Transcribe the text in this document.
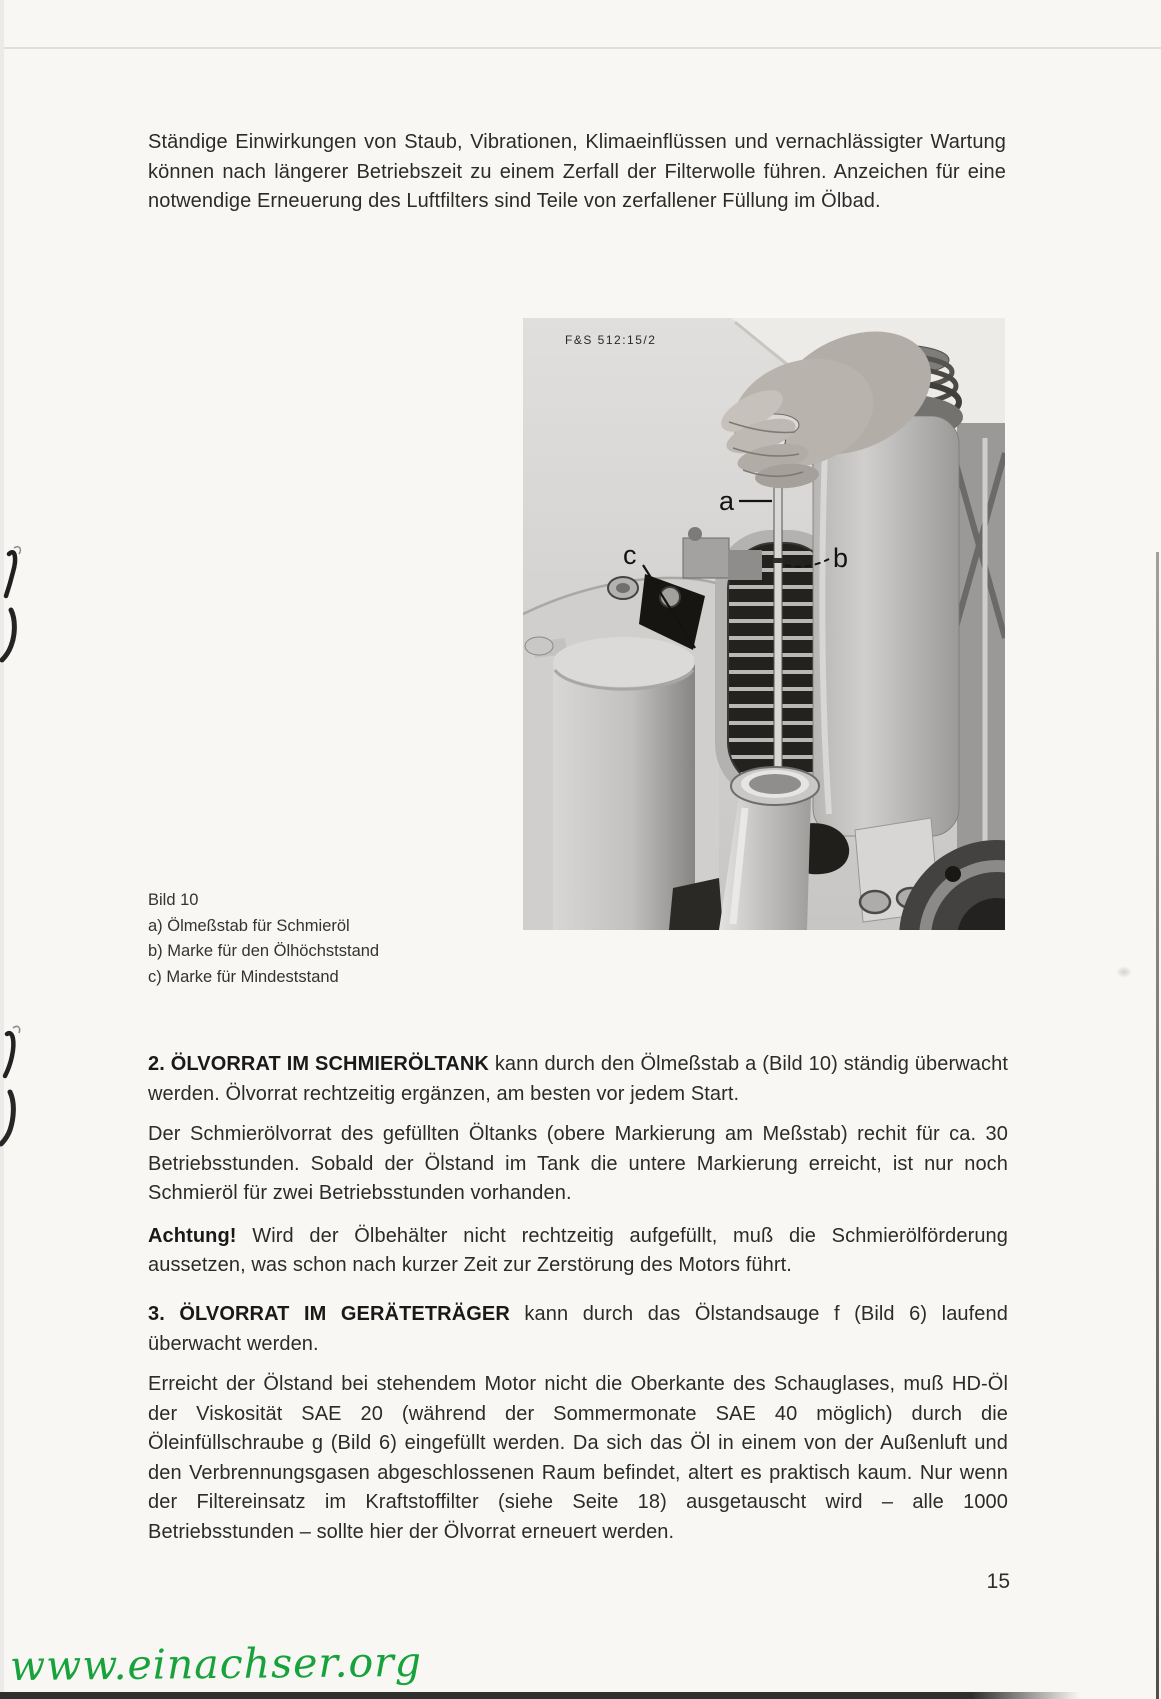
Ständige Einwirkungen von Staub, Vibrationen, Klimaeinflüssen und vernachlässigter Wartung können nach längerer Betriebszeit zu einem Zerfall der Filterwolle führen. Anzeichen für eine notwendige Erneuerung des Luftfilters sind Teile von zerfallener Füllung im Ölbad.

F&S 512:15/2
a
b
c
Bild 10
a) Ölmeßstab für Schmieröl
b) Marke für den Ölhöchststand
c) Marke für Mindeststand

2. ÖLVORRAT IM SCHMIERÖLTANK kann durch den Ölmeßstab a (Bild 10) ständig überwacht werden. Ölvorrat rechtzeitig ergänzen, am besten vor jedem Start.

Der Schmierölvorrat des gefüllten Öltanks (obere Markierung am Meßstab) rechit für ca. 30 Betriebsstunden. Sobald der Ölstand im Tank die untere Markierung erreicht, ist nur noch Schmieröl für zwei Betriebsstunden vorhanden.

Achtung! Wird der Ölbehälter nicht rechtzeitig aufgefüllt, muß die Schmierölförderung aussetzen, was schon nach kurzer Zeit zur Zerstörung des Motors führt.

3. ÖLVORRAT IM GERÄTETRÄGER kann durch das Ölstandsauge f (Bild 6) laufend überwacht werden.

Erreicht der Ölstand bei stehendem Motor nicht die Oberkante des Schauglases, muß HD-Öl der Viskosität SAE 20 (während der Sommermonate SAE 40 möglich) durch die Öleinfüllschraube g (Bild 6) eingefüllt werden. Da sich das Öl in einem von der Außenluft und den Verbrennungsgasen abgeschlossenen Raum befindet, altert es praktisch kaum. Nur wenn der Filtereinsatz im Kraftstoffilter (siehe Seite 18) ausgetauscht wird – alle 1000 Betriebsstunden – sollte hier der Ölvorrat erneuert werden.

15
www.einachser.org
